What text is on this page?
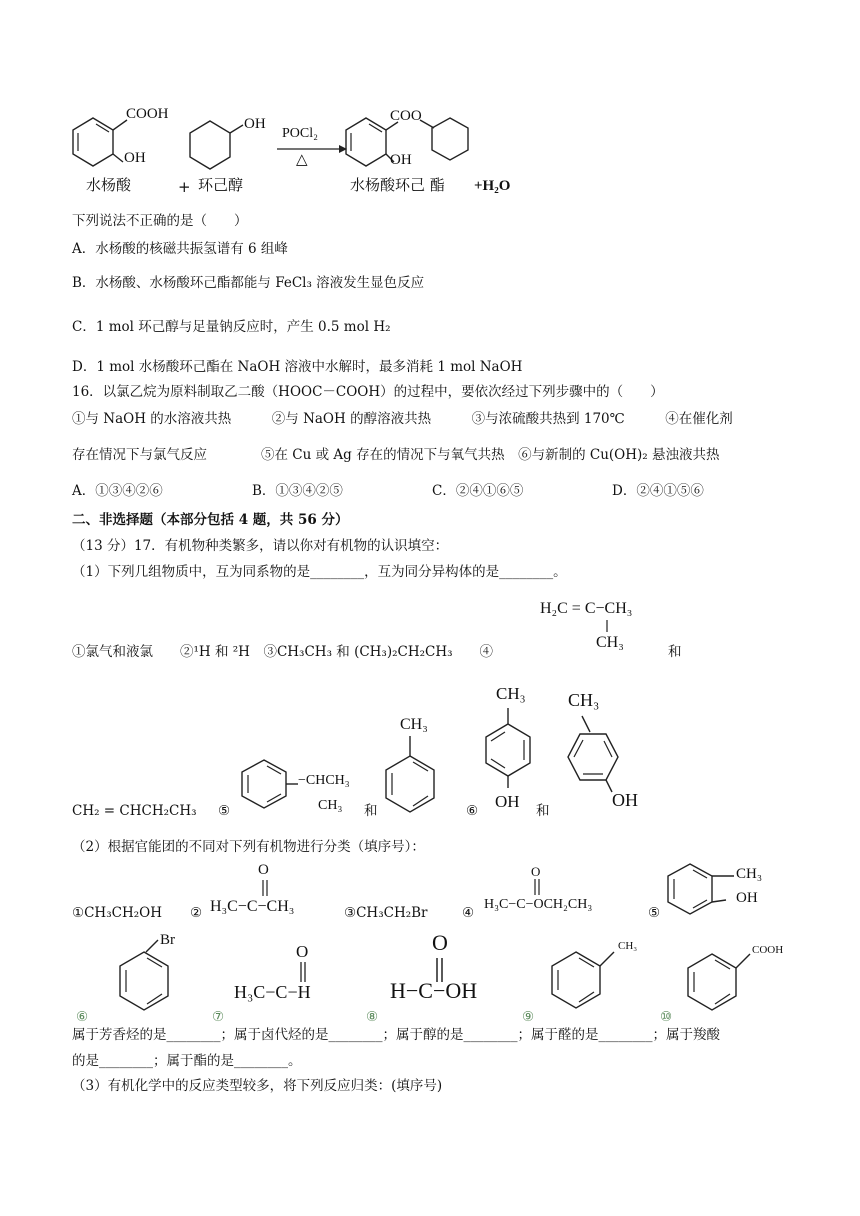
COOH
OH
水杨酸	+
OH
环己醇
POCl₂
△
COO
OH
水杨酸环己 酯 +H₂O
下列说法不正确的是（　　）
A．水杨酸的核磁共振氢谱有 6 组峰
B．水杨酸、水杨酸环己酯都能与 FeCl₃ 溶液发生显色反应
C．1 mol 环己醇与足量钠反应时，产生 0.5 mol H₂
D．1 mol 水杨酸环己酯在 NaOH 溶液中水解时，最多消耗 1 mol NaOH
16．以氯乙烷为原料制取乙二酸（HOOC－COOH）的过程中，要依次经过下列步骤中的（　　）
①与 NaOH 的水溶液共热　　　②与 NaOH 的醇溶液共热　　　③与浓硫酸共热到 170℃　　　④在催化剂
存在情况下与氯气反应　　　　⑤在 Cu 或 Ag 存在的情况下与氧气共热　⑥与新制的 Cu(OH)₂ 悬浊液共热
A．①③④②⑥	B．①③④②⑤	C．②④①⑥⑤	D．②④①⑤⑥
二、非选择题（本部分包括 4 题，共 56 分）
（13 分）17．有机物种类繁多，请以你对有机物的认识填空：
（1）下列几组物质中，互为同系物的是________，互为同分异构体的是________。
H₂C = C−CH₃
CH₃
①氯气和液氯　　②¹H 和 ²H　③CH₃CH₃ 和 (CH₃)₂CH₂CH₃　　④	和
CH₂ = CHCH₂CH₃ ⑤
−CHCH₃
CH₃ 和
CH₃
⑥
CH₃
OH 和
CH₃
OH
（2）根据官能团的不同对下列有机物进行分类（填序号）：
①CH₃CH₂OH ②
O
H₃C−C−CH₃	③CH₃CH₂Br	④
O
H₃C−C−OCH₂CH₃
⑤
CH₃
OH
Br
⑥	⑦
O
H₃C−C−H
⑧
O
H−C−OH
⑨
CH₃
⑩
COOH
属于芳香烃的是________；属于卤代烃的是________；属于醇的是________；属于醛的是________；属于羧酸
的是________；属于酯的是________。
（3）有机化学中的反应类型较多，将下列反应归类：(填序号)
